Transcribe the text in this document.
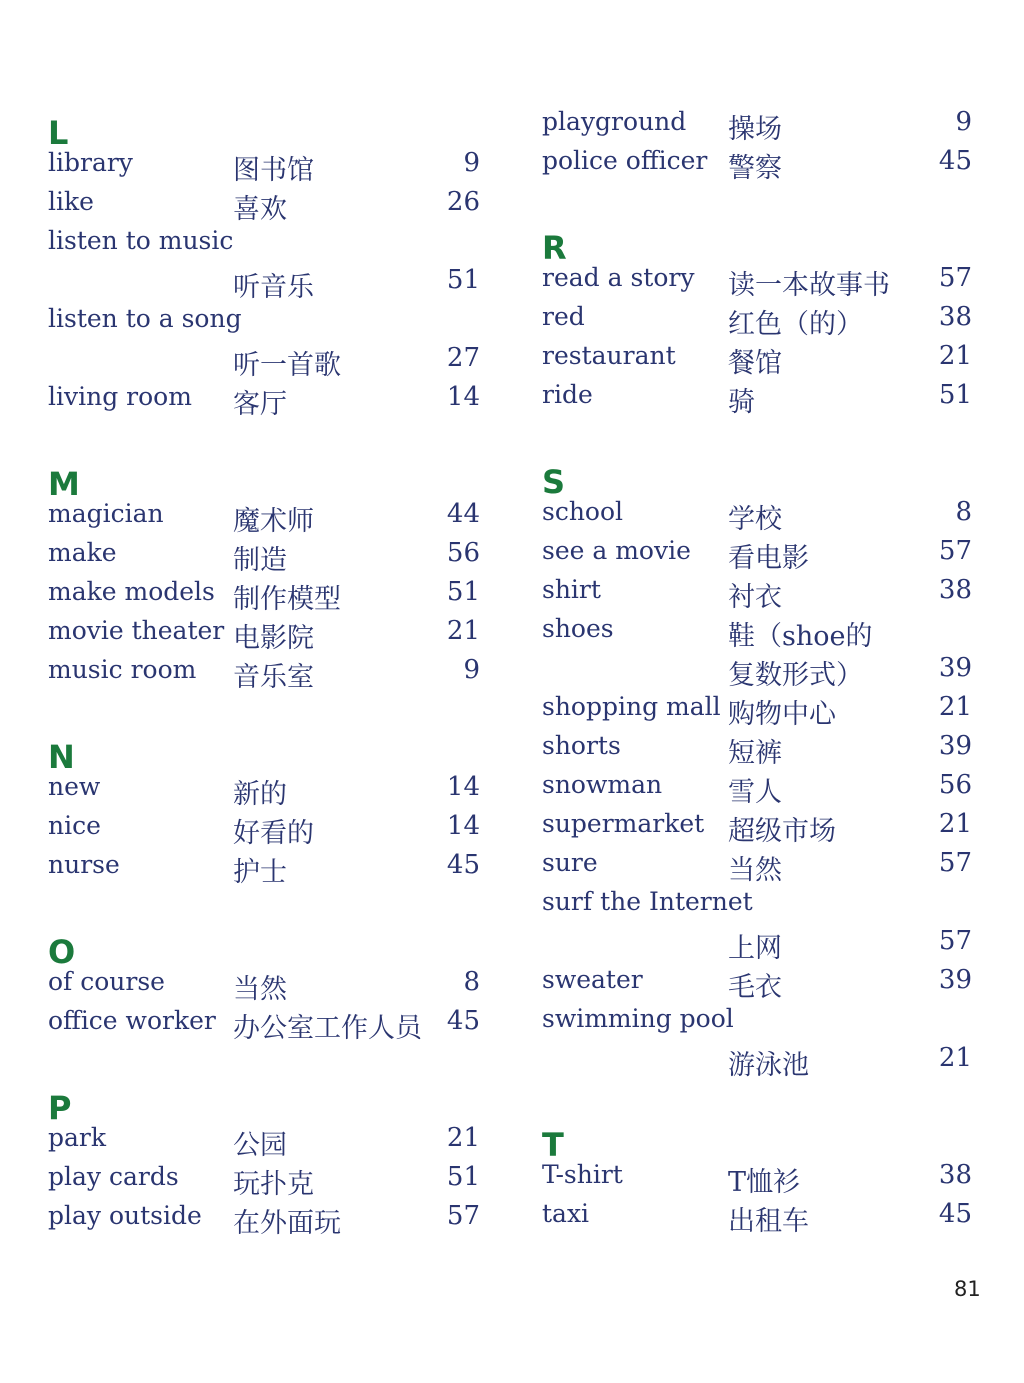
L
library	图书馆	9
like	喜欢	26
listen to music
听音乐	51
listen to a song
听一首歌	27
living room 客厅	14
M
magician	魔术师	44
make	制造	56
make models 制作模型	51
movie theater 电影院	21
music room 音乐室	9
N
new	新的	14
nice	好看的	14
nurse	护士	45
O
of course	当然	8
office worker 办公室工作人员 45
P
park	公园	21
play cards 玩扑克	51
play outside 在外面玩	57
playground 操场	9
police officer 警察	45
R
read a story 读一本故事书 57
red	红色（的）	38
restaurant 餐馆	21
ride	骑	51
S
school	学校	8
see a movie 看电影	57
shirt	衬衣	38
shoes	鞋（shoe的
复数形式）	39
shopping mall 购物中心	21
shorts	短裤	39
snowman 雪人	56
supermarket 超级市场	21
sure	当然	57
surf the Internet
上网	57
sweater	毛衣	39
swimming pool
游泳池	21
T
T-shirt	T恤衫	38
taxi	出租车	45
81
